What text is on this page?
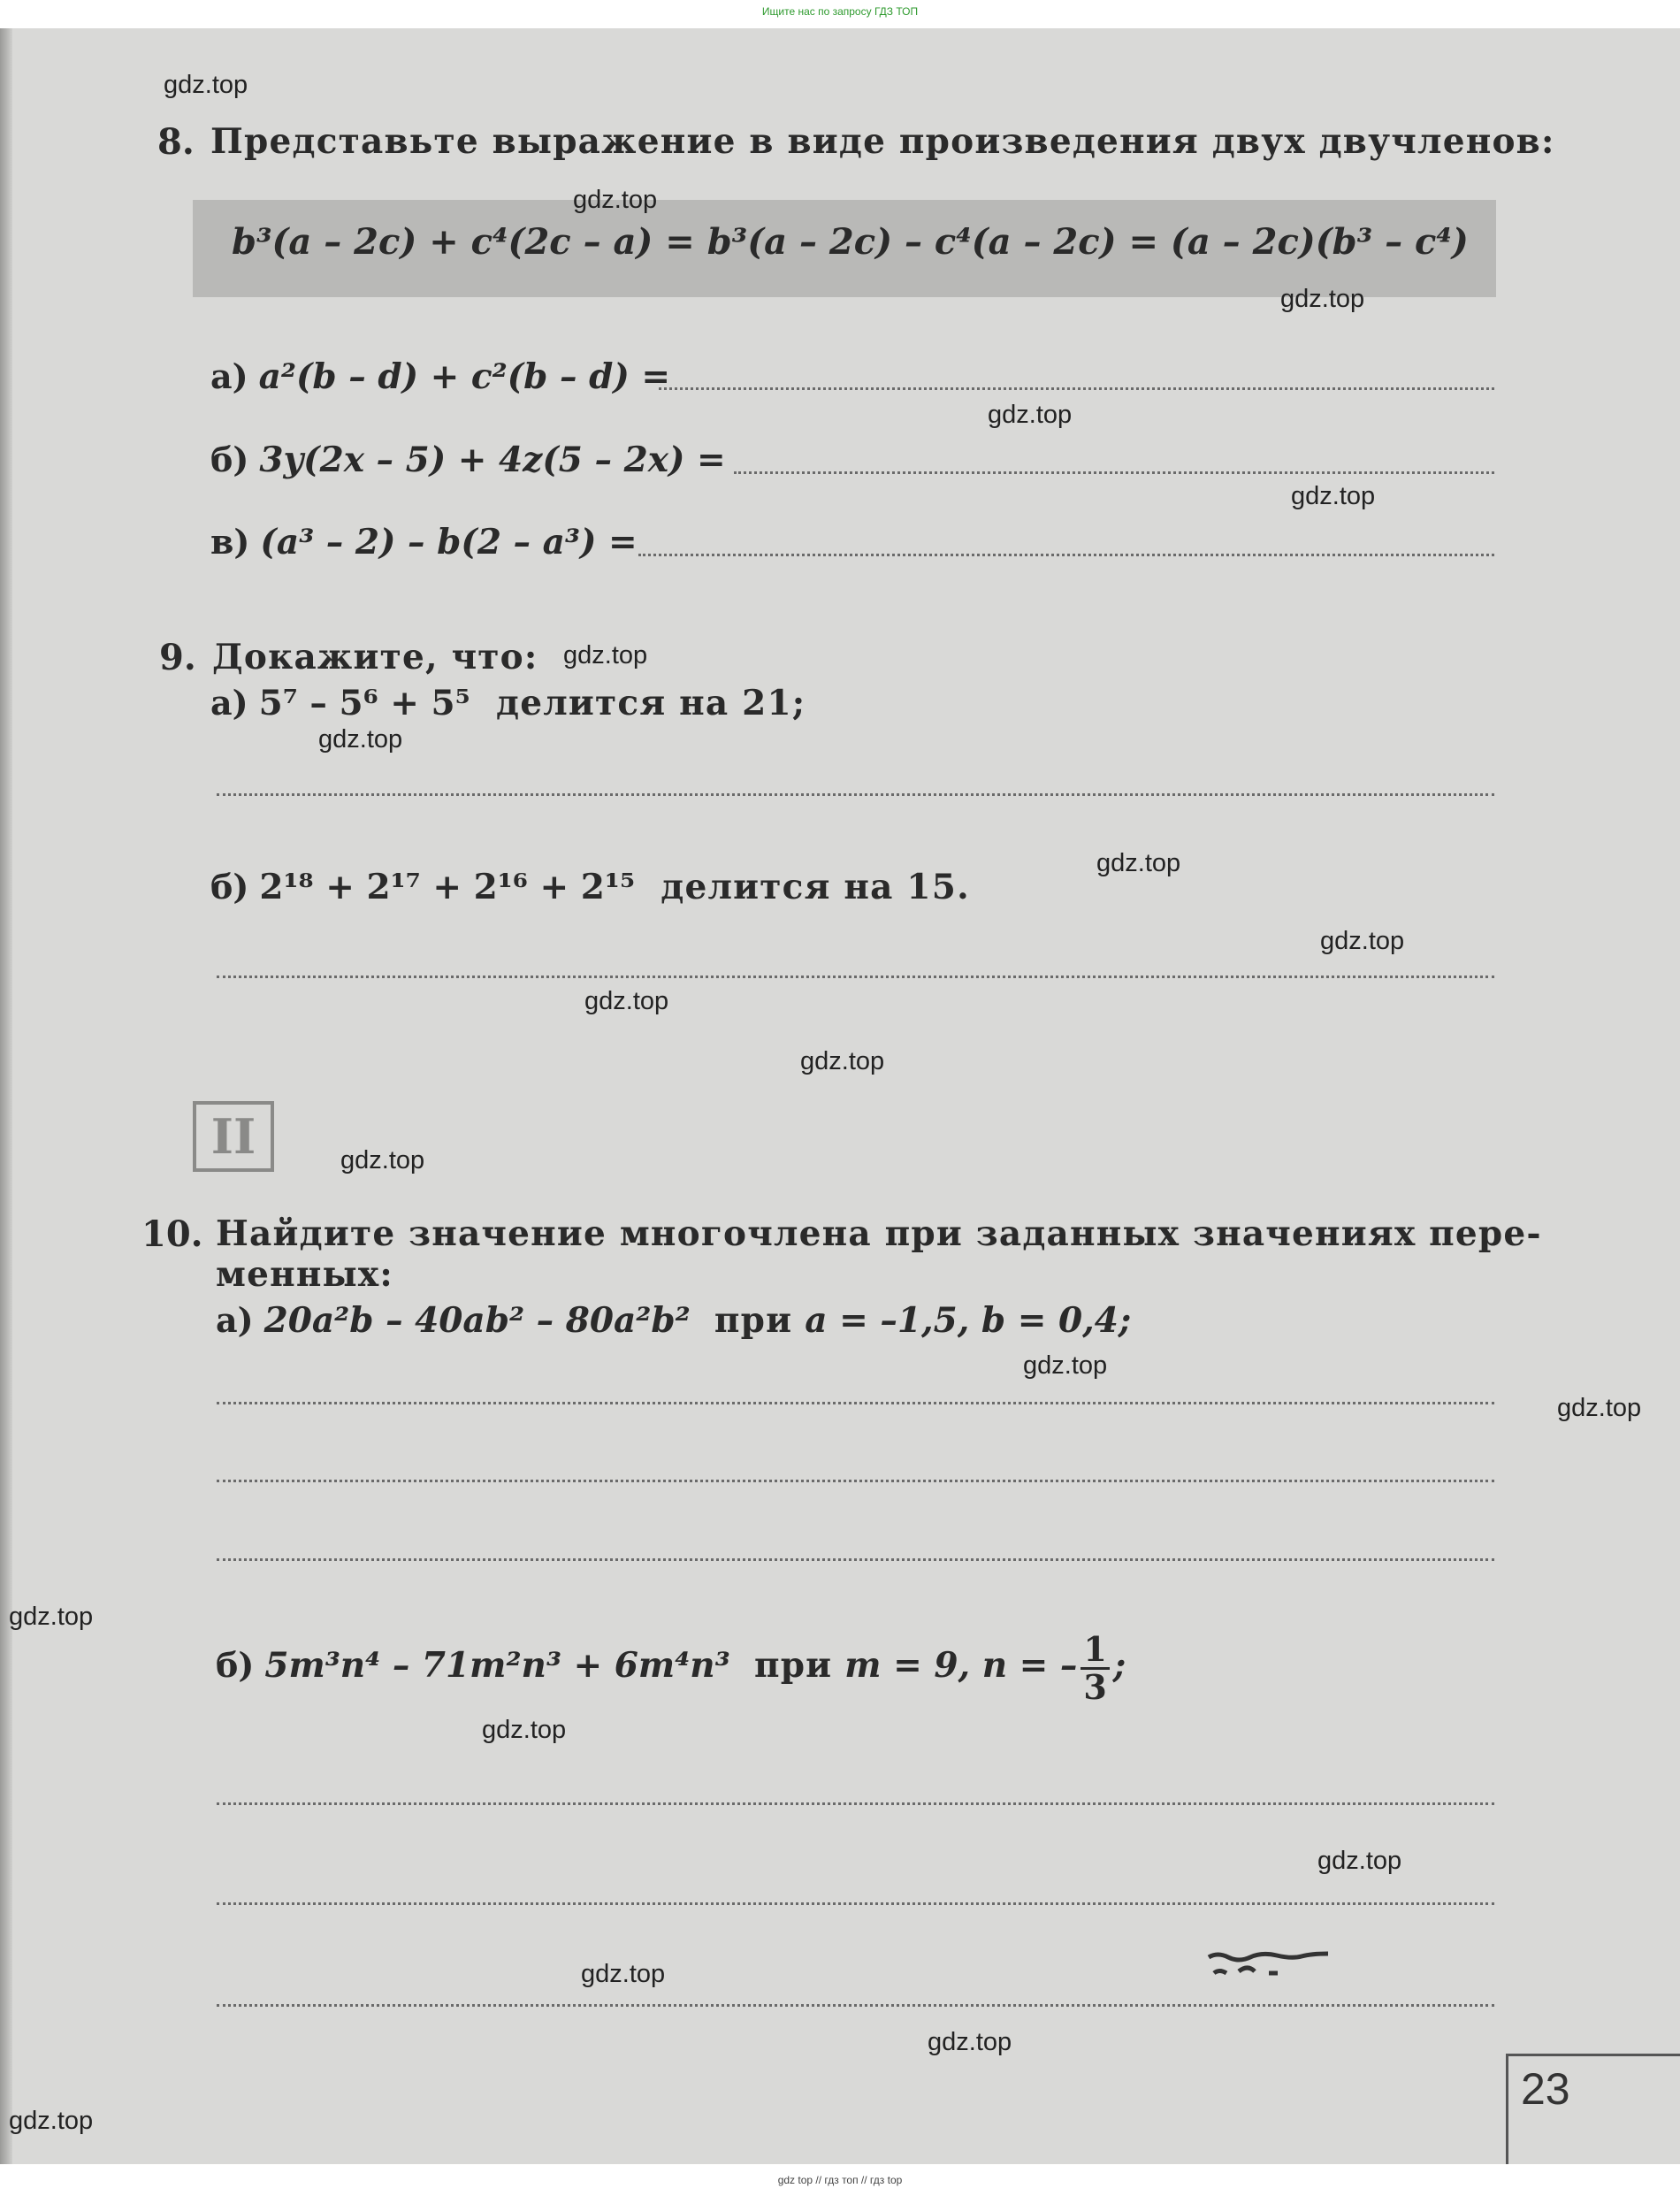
Ищите нас по запросу ГДЗ ТОП
8. Представьте выражение в виде произведения двух двучленов:
b³(a – 2c) + c⁴(2c – a) = b³(a – 2c) – c⁴(a – 2c) = (a – 2c)(b³ – c⁴)
а) a²(b – d) + c²(b – d) =
б) 3y(2x – 5) + 4z(5 – 2x) =
в) (a³ – 2) – b(2 – a³) =
9. Докажите, что:
а) 5⁷ – 5⁶ + 5⁵ делится на 21;
б) 2¹⁸ + 2¹⁷ + 2¹⁶ + 2¹⁵ делится на 15.
II
10. Найдите значение многочлена при заданных значениях пере-
менных:
а) 20a²b – 40ab² – 80a²b² при a = –1,5, b = 0,4;
б) 5m³n⁴ – 71m²n³ + 6m⁴n³ при m = 9, n = – $\frac{1}{3}$ ;
23
gdz.top
gdz.top
gdz.top
gdz.top
gdz.top
gdz.top
gdz.top
gdz.top
gdz.top
gdz.top
gdz.top
gdz.top
gdz.top
gdz.top
gdz.top
gdz.top
gdz.top
gdz.top
gdz.top
gdz.top
gdz top // гдз топ // гдз top
